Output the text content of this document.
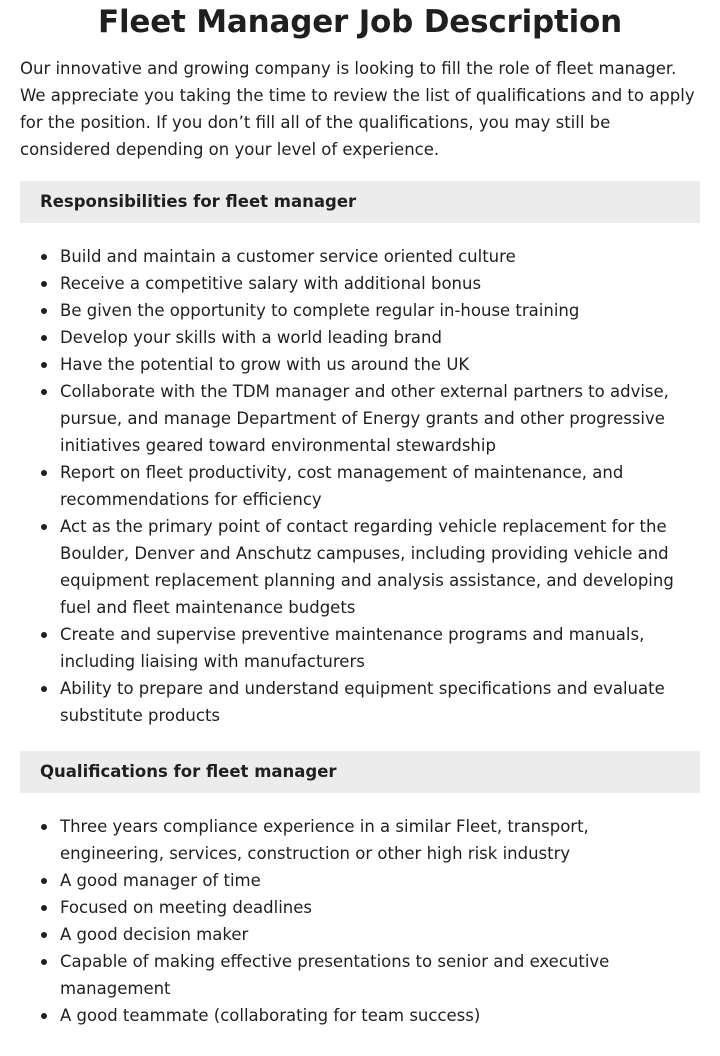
Fleet Manager Job Description

Our innovative and growing company is looking to fill the role of fleet manager. We appreciate you taking the time to review the list of qualifications and to apply for the position. If you don’t fill all of the qualifications, you may still be considered depending on your level of experience.

Responsibilities for fleet manager
Build and maintain a customer service oriented culture
Receive a competitive salary with additional bonus
Be given the opportunity to complete regular in-house training
Develop your skills with a world leading brand
Have the potential to grow with us around the UK
Collaborate with the TDM manager and other external partners to advise, pursue, and manage Department of Energy grants and other progressive initiatives geared toward environmental stewardship
Report on fleet productivity, cost management of maintenance, and recommendations for efficiency
Act as the primary point of contact regarding vehicle replacement for the Boulder, Denver and Anschutz campuses, including providing vehicle and equipment replacement planning and analysis assistance, and developing fuel and fleet maintenance budgets
Create and supervise preventive maintenance programs and manuals, including liaising with manufacturers
Ability to prepare and understand equipment specifications and evaluate substitute products
Qualifications for fleet manager
Three years compliance experience in a similar Fleet, transport, engineering, services, construction or other high risk industry
A good manager of time
Focused on meeting deadlines
A good decision maker
Capable of making effective presentations to senior and executive management
A good teammate (collaborating for team success)
